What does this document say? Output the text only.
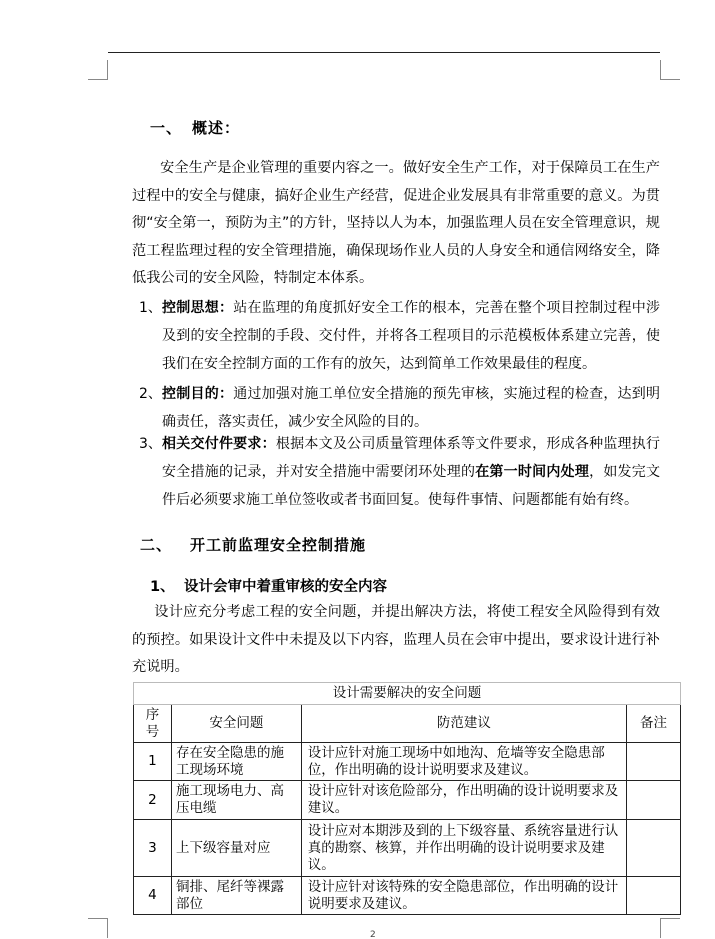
一、 概述：
安全生产是企业管理的重要内容之一。做好安全生产工作，对于保障员工在生产过程中的安全与健康，搞好企业生产经营，促进企业发展具有非常重要的意义。为贯彻“安全第一，预防为主”的方针，坚持以人为本，加强监理人员在安全管理意识，规范工程监理过程的安全管理措施，确保现场作业人员的人身安全和通信网络安全，降低我公司的安全风险，特制定本体系。
1、 控制思想：站在监理的角度抓好安全工作的根本，完善在整个项目控制过程中涉及到的安全控制的手段、交付件，并将各工程项目的示范模板体系建立完善，使我们在安全控制方面的工作有的放矢，达到简单工作效果最佳的程度。
2、 控制目的：通过加强对施工单位安全措施的预先审核，实施过程的检查，达到明确责任，落实责任，减少安全风险的目的。
3、 相关交付件要求：根据本文及公司质量管理体系等文件要求，形成各种监理执行安全措施的记录，并对安全措施中需要闭环处理的在第一时间内处理，如发完文件后必须要求施工单位签收或者书面回复。使每件事情、问题都能有始有终。
二、 开工前监理安全控制措施
1、 设计会审中着重审核的安全内容
设计应充分考虑工程的安全问题，并提出解决方法，将使工程安全风险得到有效的预控。如果设计文件中未提及以下内容，监理人员在会审中提出，要求设计进行补充说明。
设计需要解决的安全问题			
序号	安全问题	防范建议	备注
1	存在安全隐患的施工现场环境	设计应针对施工现场中如地沟、危墙等安全隐患部位，作出明确的设计说明要求及建议。	
2	施工现场电力、高压电缆	设计应针对该危险部分，作出明确的设计说明要求及建议。	
3	上下级容量对应	设计应对本期涉及到的上下级容量、系统容量进行认真的勘察、核算，并作出明确的设计说明要求及建议。	
4	铜排、尾纤等裸露部位	设计应针对该特殊的安全隐患部位，作出明确的设计说明要求及建议。	
2
